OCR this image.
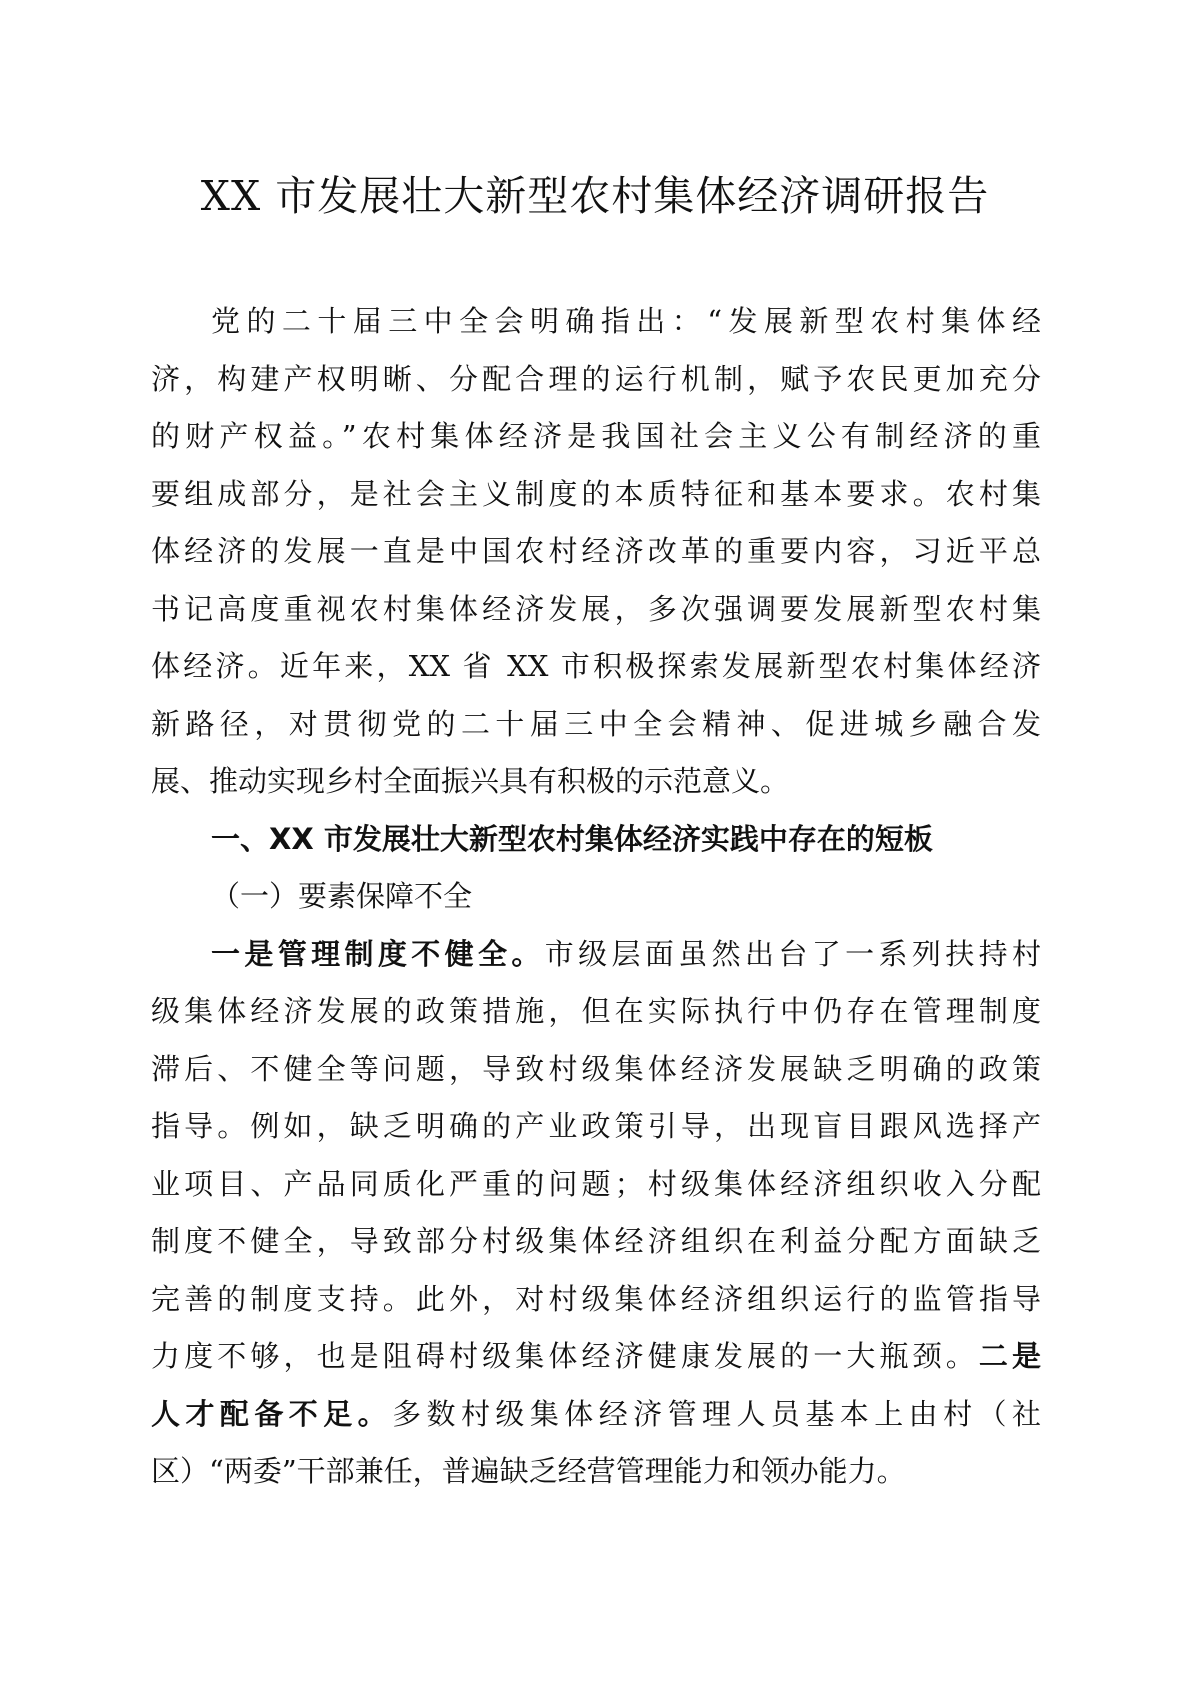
XX 市发展壮大新型农村集体经济调研报告
党的二十届三中全会明确指出：“发展新型农村集体经
济，构建产权明晰、分配合理的运行机制，赋予农民更加充分
的财产权益。”农村集体经济是我国社会主义公有制经济的重
要组成部分，是社会主义制度的本质特征和基本要求。农村集
体经济的发展一直是中国农村经济改革的重要内容，习近平总
书记高度重视农村集体经济发展，多次强调要发展新型农村集
体经济。近年来，XX 省 XX 市积极探索发展新型农村集体经济
新路径，对贯彻党的二十届三中全会精神、促进城乡融合发
展、推动实现乡村全面振兴具有积极的示范意义。
一、XX 市发展壮大新型农村集体经济实践中存在的短板
（一）要素保障不全
一是管理制度不健全。市级层面虽然出台了一系列扶持村
级集体经济发展的政策措施，但在实际执行中仍存在管理制度
滞后、不健全等问题，导致村级集体经济发展缺乏明确的政策
指导。例如，缺乏明确的产业政策引导，出现盲目跟风选择产
业项目、产品同质化严重的问题；村级集体经济组织收入分配
制度不健全，导致部分村级集体经济组织在利益分配方面缺乏
完善的制度支持。此外，对村级集体经济组织运行的监管指导
力度不够，也是阻碍村级集体经济健康发展的一大瓶颈。二是
人才配备不足。多数村级集体经济管理人员基本上由村（社
区）“两委”干部兼任，普遍缺乏经营管理能力和领办能力。
